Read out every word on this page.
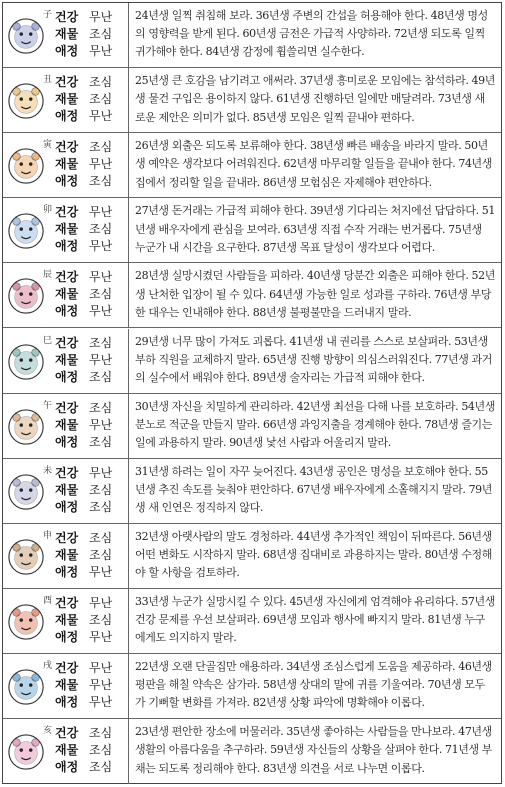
子 건강 무난
재물 조심
애정 무난

24년생 일찍 취침해 보라. 36년생 주변의 간섭을 허용해야 한다. 48년생 명성의 영향력을 받게 된다. 60년생 금전은 가급적 사양하라. 72년생 되도록 일찍 귀가해야 한다. 84년생 감정에 휩쓸리면 실수한다.

丑 건강 조심
재물 조심
애정 무난

25년생 큰 호감을 남기려고 애써라. 37년생 흥미로운 모임에는 참석하라. 49년생 물건 구입은 용이하지 않다. 61년생 진행하던 일에만 매달려라. 73년생 새로운 제안은 의미가 없다. 85년생 모임은 일찍 끝내야 편하다.

寅 건강 조심
재물 무난
애정 조심

26년생 외출은 되도록 보류해야 한다. 38년생 빠른 배송을 바라지 말라. 50년생 예약은 생각보다 어려워진다. 62년생 마무리할 일들을 끝내야 한다. 74년생 집에서 정리할 일을 끝내라. 86년생 모험심은 자제해야 편안하다.

卯 건강 무난
재물 조심
애정 무난

27년생 돈거래는 가급적 피해야 한다. 39년생 기다리는 처지에선 답답하다. 51년생 배우자에게 관심을 보여라. 63년생 직접 수작 거래는 번거롭다. 75년생 누군가 내 시간을 요구한다. 87년생 목표 달성이 생각보다 어렵다.

辰 건강 무난
재물 조심
애정 무난

28년생 실망시켰던 사람들을 피하라. 40년생 당분간 외출은 피해야 한다. 52년생 난처한 입장이 될 수 있다. 64년생 가능한 일로 성과를 구하라. 76년생 부당한 대우는 인내해야 한다. 88년생 불평불만을 드러내지 말라.

巳 건강 조심
재물 무난
애정 조심

29년생 너무 많이 가져도 괴롭다. 41년생 내 권리를 스스로 보살펴라. 53년생 부하 직원을 교체하지 말라. 65년생 진행 방향이 의심스러워진다. 77년생 과거의 실수에서 배워야 한다. 89년생 술자리는 가급적 피해야 한다.

午 건강 조심
재물 무난
애정 조심

30년생 자신을 치밀하게 관리하라. 42년생 최선을 다해 나를 보호하라. 54년생 분노로 적군을 만들지 말라. 66년생 과잉지출을 경계해야 한다. 78년생 즐기는 일에 과용하지 말라. 90년생 낯선 사람과 어울리지 말라.

未 건강 무난
재물 조심
애정 조심

31년생 하려는 일이 자꾸 늦어진다. 43년생 공인은 명성을 보호해야 한다. 55년생 추진 속도를 늦춰야 편안하다. 67년생 배우자에게 소홀해지지 말라. 79년생 새 인연은 정직하지 않다.

申 건강 조심
재물 조심
애정 무난

32년생 아랫사람의 말도 경청하라. 44년생 추가적인 책임이 뒤따른다. 56년생 어떤 변화도 시작하지 말라. 68년생 집대비로 과용하지는 말라. 80년생 수정해야 할 사항을 검토하라.

酉 건강 무난
재물 조심
애정 무난

33년생 누군가 실망시킬 수 있다. 45년생 자신에게 엄격해야 유리하다. 57년생 건강 문제를 우선 보살펴라. 69년생 모임과 행사에 빠지지 말라. 81년생 누구에게도 의지하지 말라.

戌 건강 무난
재물 무난
애정 무난

22년생 오랜 단골집만 애용하라. 34년생 조심스럽게 도움을 제공하라. 46년생 평판을 해칠 약속은 삼가라. 58년생 상대의 말에 귀를 기울여라. 70년생 모두가 기뻐할 변화를 가져라. 82년생 상황 파악에 명확해야 이롭다.

亥 건강 조심
재물 조심
애정 조심

23년생 편안한 장소에 머물러라. 35년생 좋아하는 사람들을 만나보라. 47년생 생활의 아름다움을 추구하라. 59년생 자신들의 상황을 살펴야 한다. 71년생 부채는 되도록 정리해야 한다. 83년생 의견을 서로 나누면 이롭다.
